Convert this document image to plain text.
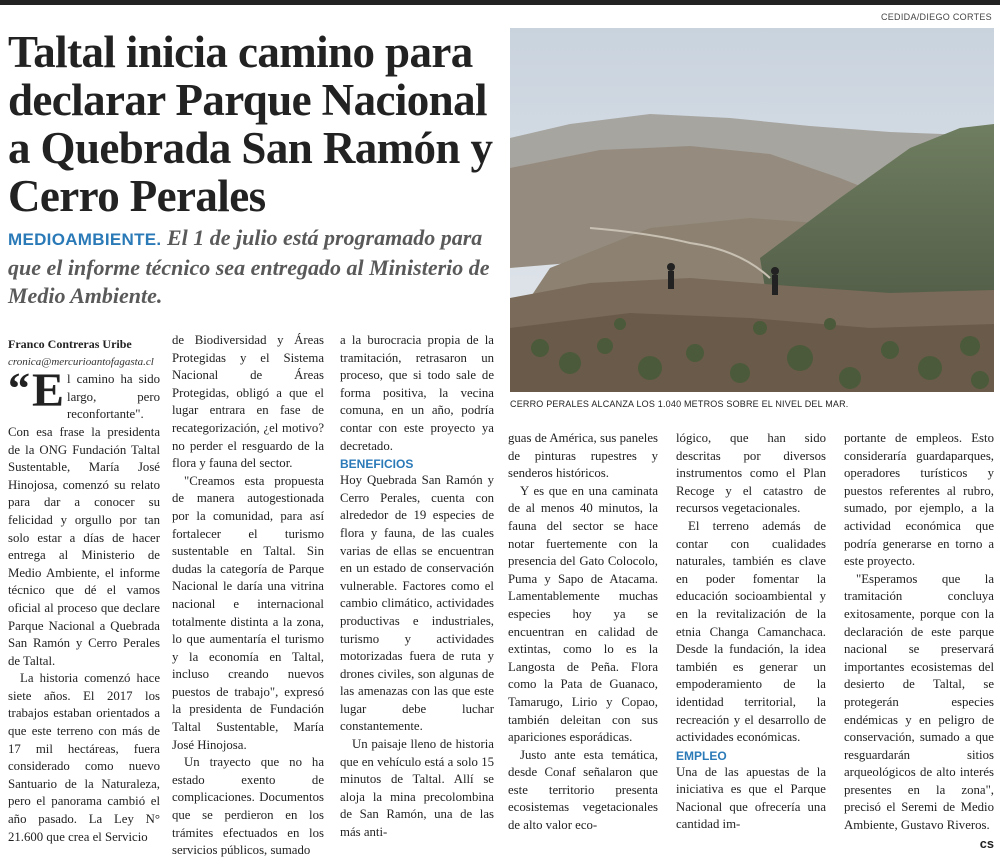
CEDIDA/DIEGO CORTES
Taltal inicia camino para declarar Parque Nacional a Quebrada San Ramón y Cerro Perales

MEDIOAMBIENTE. El 1 de julio está programado para que el informe técnico sea entregado al Ministerio de Medio Ambiente.

CERRO PERALES ALCANZA LOS 1.040 METROS SOBRE EL NIVEL DEL MAR.

Franco Contreras Uribe

cronica@mercurioantofagasta.cl

“ E l camino ha sido largo, pero reconfortante". Con esa frase la presidenta de la ONG Fundación Taltal Sustentable, María José Hinojosa, comenzó su relato para dar a conocer su felicidad y orgullo por tan solo estar a días de hacer entrega al Ministerio de Medio Ambiente, el informe técnico que dé el vamos oficial al proceso que declare Parque Nacional a Quebrada San Ramón y Cerro Perales de Taltal.

La historia comenzó hace siete años. El 2017 los trabajos estaban orientados a que este terreno con más de 17 mil hectáreas, fuera considerado como nuevo Santuario de la Naturaleza, pero el panorama cambió el año pasado. La Ley N° 21.600 que crea el Servicio

de Biodiversidad y Áreas Protegidas y el Sistema Nacional de Áreas Protegidas, obligó a que el lugar entrara en fase de recategorización, ¿el motivo? no perder el resguardo de la flora y fauna del sector.

"Creamos esta propuesta de manera autogestionada por la comunidad, para así fortalecer el turismo sustentable en Taltal. Sin dudas la categoría de Parque Nacional le daría una vitrina nacional e internacional totalmente distinta a la zona, lo que aumentaría el turismo y la economía en Taltal, incluso creando nuevos puestos de trabajo", expresó la presidenta de Fundación Taltal Sustentable, María José Hinojosa.

Un trayecto que no ha estado exento de complicaciones. Documentos que se perdieron en los trámites efectuados en los servicios públicos, sumado

a la burocracia propia de la tramitación, retrasaron un proceso, que si todo sale de forma positiva, la vecina comuna, en un año, podría contar con este proyecto ya decretado.

BENEFICIOS

Hoy Quebrada San Ramón y Cerro Perales, cuenta con alrededor de 19 especies de flora y fauna, de las cuales varias de ellas se encuentran en un estado de conservación vulnerable. Factores como el cambio climático, actividades productivas e industriales, turismo y actividades motorizadas fuera de ruta y drones civiles, son algunas de las amenazas con las que este lugar debe luchar constantemente.

Un paisaje lleno de historia que en vehículo está a solo 15 minutos de Taltal. Allí se aloja la mina precolombina de San Ramón, una de las más anti-

guas de América, sus paneles de pinturas rupestres y senderos históricos.

Y es que en una caminata de al menos 40 minutos, la fauna del sector se hace notar fuertemente con la presencia del Gato Colocolo, Puma y Sapo de Atacama. Lamentablemente muchas especies hoy ya se encuentran en calidad de extintas, como lo es la Langosta de Peña. Flora como la Pata de Guanaco, Tamarugo, Lirio y Copao, también deleitan con sus apariciones esporádicas.

Justo ante esta temática, desde Conaf señalaron que este territorio presenta ecosistemas vegetacionales de alto valor eco-

lógico, que han sido descritas por diversos instrumentos como el Plan Recoge y el catastro de recursos vegetacionales.

El terreno además de contar con cualidades naturales, también es clave en poder fomentar la educación socioambiental y en la revitalización de la etnia Changa Camanchaca. Desde la fundación, la idea también es generar un empoderamiento de la identidad territorial, la recreación y el desarrollo de actividades económicas.

EMPLEO

Una de las apuestas de la iniciativa es que el Parque Nacional que ofrecería una cantidad im-

portante de empleos. Esto consideraría guardaparques, operadores turísticos y puestos referentes al rubro, sumado, por ejemplo, a la actividad económica que podría generarse en torno a este proyecto.

"Esperamos que la tramitación concluya exitosamente, porque con la declaración de este parque nacional se preservará importantes ecosistemas del desierto de Taltal, se protegerán especies endémicas y en peligro de conservación, sumado a que resguardarán sitios arqueológicos de alto interés presentes en la zona", precisó el Seremi de Medio Ambiente, Gustavo Riveros.

cs
